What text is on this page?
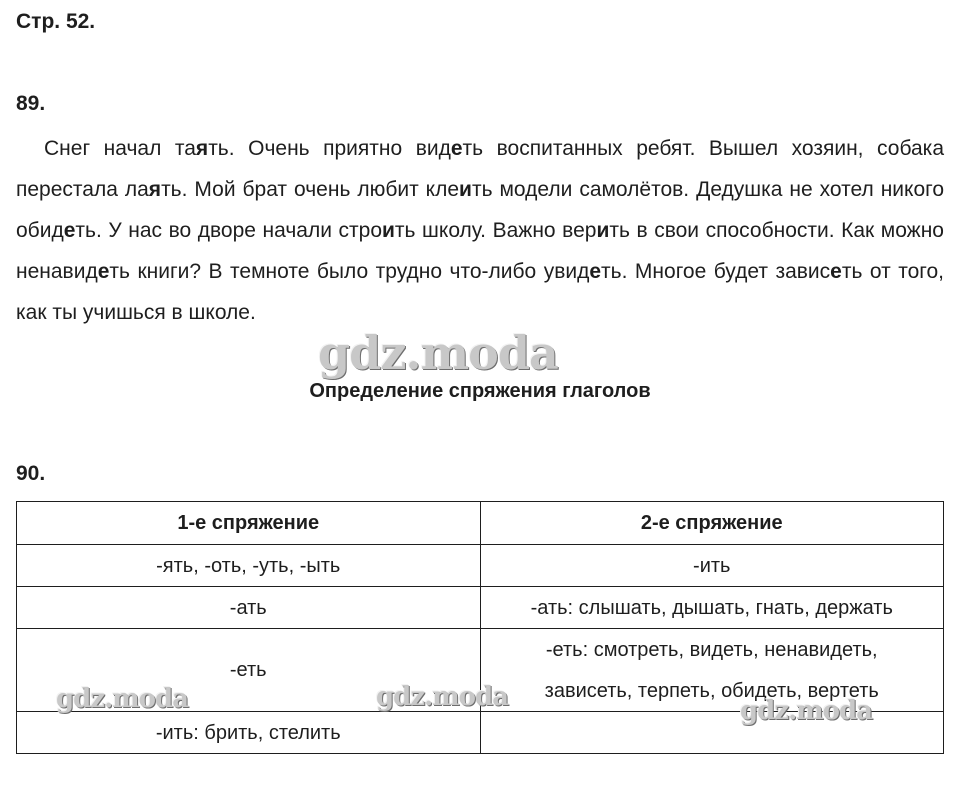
Стр. 52.
89.

Снег начал таять. Очень приятно видеть воспитанных ребят. Вышел хозяин, собака перестала лаять. Мой брат очень любит клеить модели самолётов. Дедушка не хотел никого обидеть. У нас во дворе начали строить школу. Важно верить в свои способности. Как можно ненавидеть книги? В темноте было трудно что-либо увидеть. Многое будет зависеть от того, как ты учишься в школе.

gdz.moda
Определение спряжения глаголов
90.
1-е спряжение	2-е спряжение
-ять, -оть, -уть, -ыть	-ить
-ать	-ать: слышать, дышать, гнать, держать
-еть	-еть: смотреть, видеть, ненавидеть,
	зависеть, терпеть, обидеть, вертеть
-ить: брить, стелить	
gdz.moda	gdz.moda	gdz.moda
